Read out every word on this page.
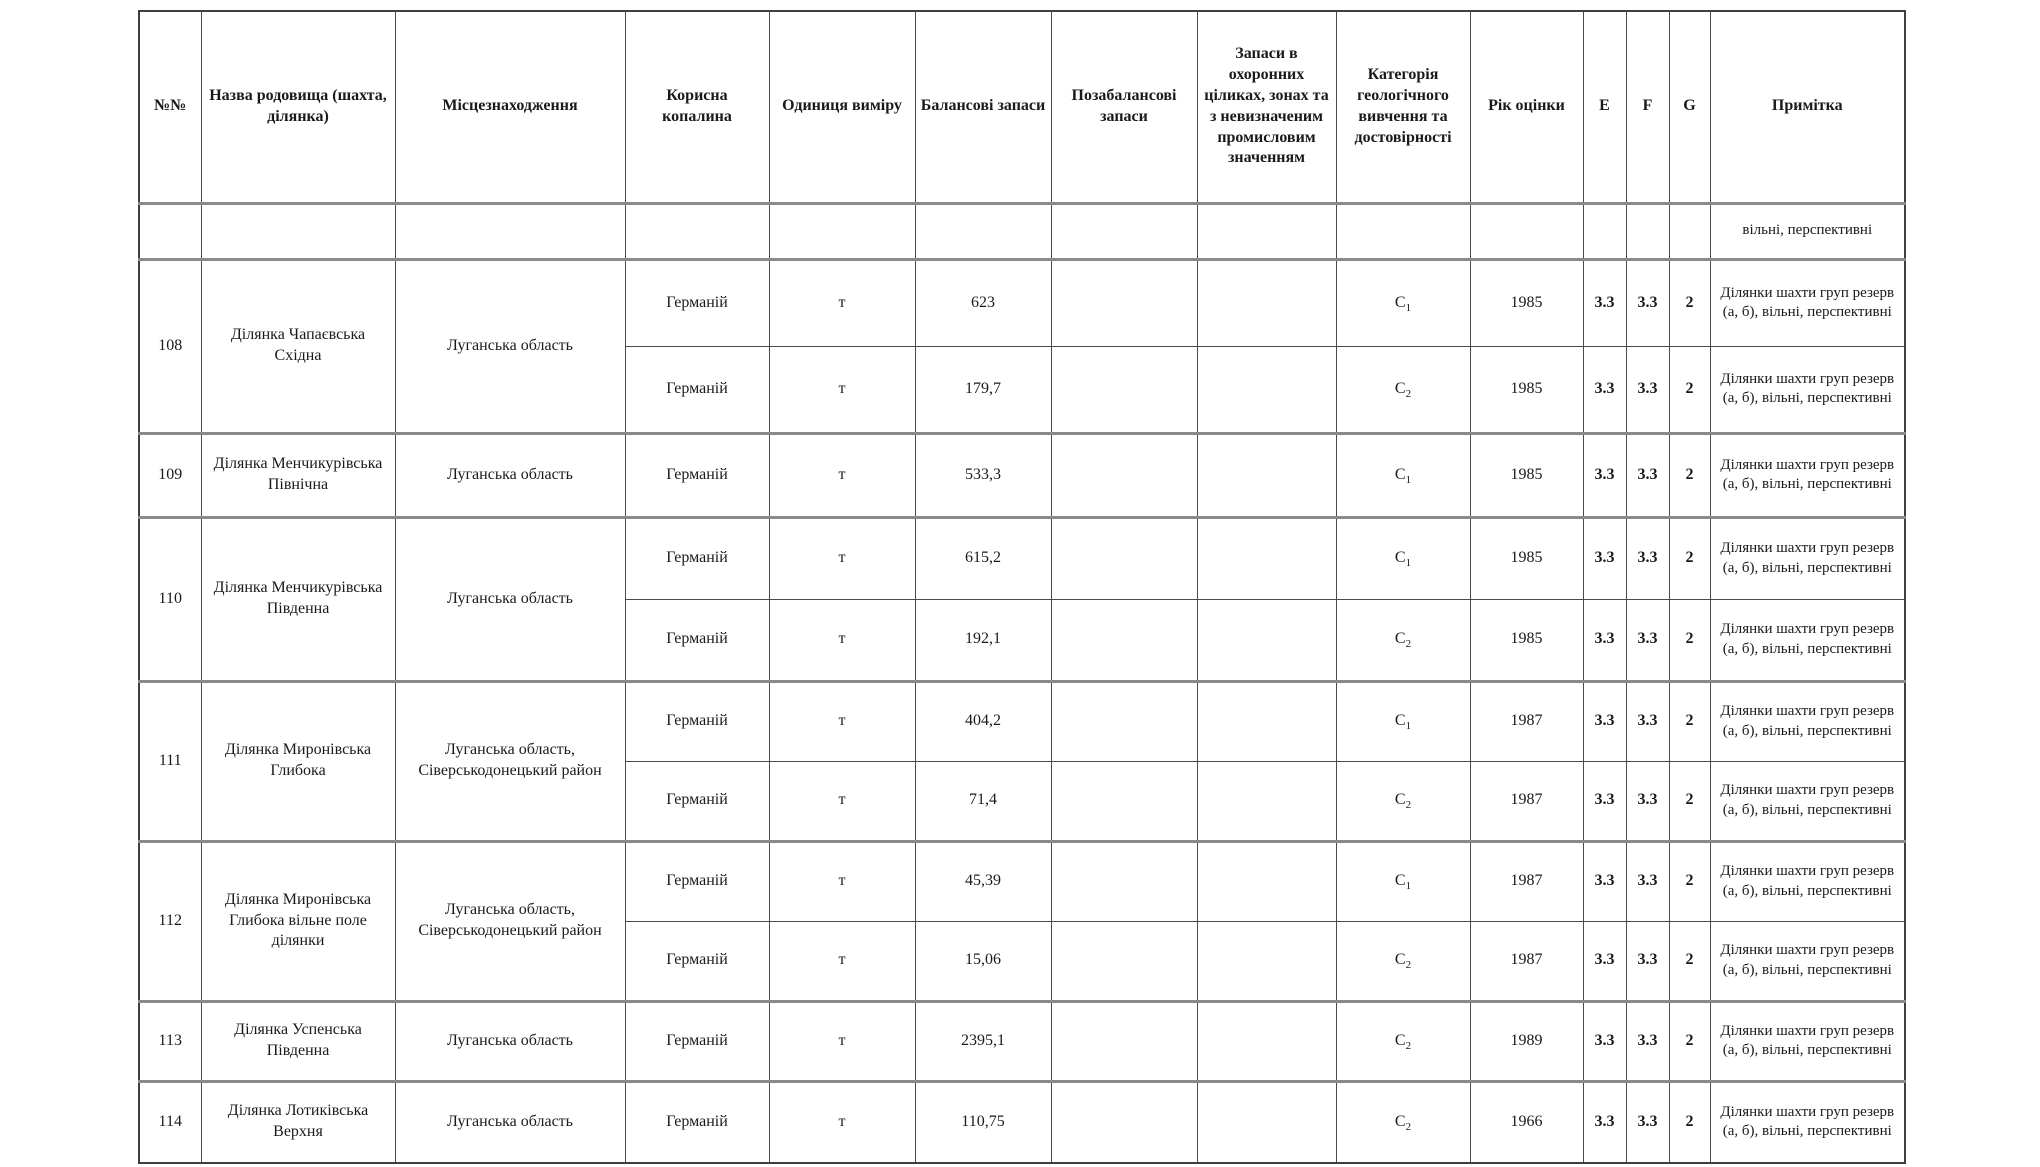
№№	Назва родовища (шахта, ділянка)	Місцезнаходження	Корисна копалина	Одиниця виміру	Балансові запаси	Позабалансові запаси	Запаси в охоронних ціликах, зонах та з невизначеним промисловим значенням	Категорія геологічного вивчення та достовірності	Рік оцінки	E	F	G	Примітка
													вільні, перспективні
108	Ділянка Чапаєвська Східна	Луганська область	Германій	т	623			$С_1$	1985	3.3	3.3	2	Ділянки шахти груп резерв (а, б), вільні, перспективні
			Германій	т	179,7			$С_2$	1985	3.3	3.3	2	Ділянки шахти груп резерв (а, б), вільні, перспективні
109	Ділянка Менчикурівська Північна	Луганська область	Германій	т	533,3			$С_1$	1985	3.3	3.3	2	Ділянки шахти груп резерв (а, б), вільні, перспективні
110	Ділянка Менчикурівська Південна	Луганська область	Германій	т	615,2			$С_1$	1985	3.3	3.3	2	Ділянки шахти груп резерв (а, б), вільні, перспективні
			Германій	т	192,1			$С_2$	1985	3.3	3.3	2	Ділянки шахти груп резерв (а, б), вільні, перспективні
111	Ділянка Миронівська Глибока	Луганська область, Сіверськодонецький район	Германій	т	404,2			$С_1$	1987	3.3	3.3	2	Ділянки шахти груп резерв (а, б), вільні, перспективні
			Германій	т	71,4			$С_2$	1987	3.3	3.3	2	Ділянки шахти груп резерв (а, б), вільні, перспективні
112	Ділянка Миронівська Глибока вільне поле ділянки	Луганська область, Сіверськодонецький район	Германій	т	45,39			$С_1$	1987	3.3	3.3	2	Ділянки шахти груп резерв (а, б), вільні, перспективні
			Германій	т	15,06			$С_2$	1987	3.3	3.3	2	Ділянки шахти груп резерв (а, б), вільні, перспективні
113	Ділянка Успенська Південна	Луганська область	Германій	т	2395,1			$С_2$	1989	3.3	3.3	2	Ділянки шахти груп резерв (а, б), вільні, перспективні
114	Ділянка Лотиківська Верхня	Луганська область	Германій	т	110,75			$С_2$	1966	3.3	3.3	2	Ділянки шахти груп резерв (а, б), вільні, перспективні
